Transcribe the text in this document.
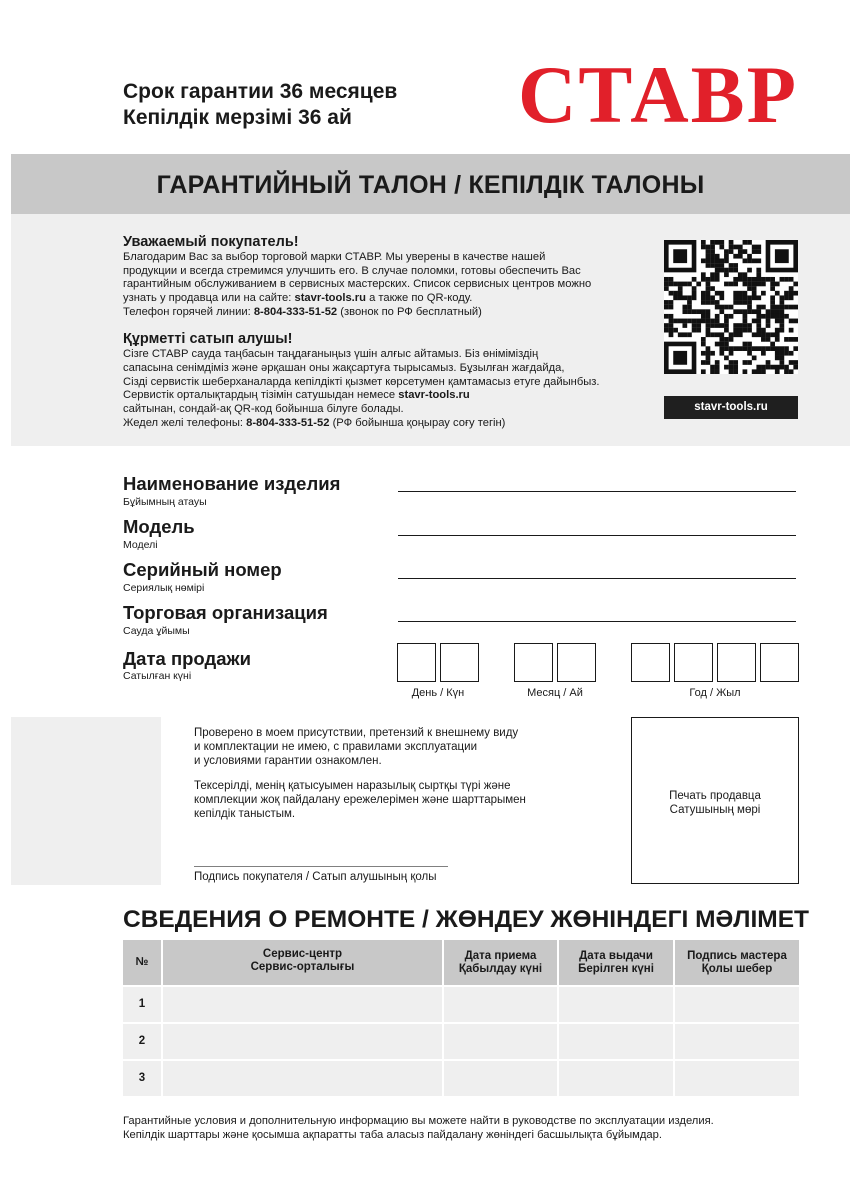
Срок гарантии 36 месяцев
Кепілдік мерзімі 36 ай СТАВР
ГАРАНТИЙНЫЙ ТАЛОН / КЕПІЛДІК ТАЛОНЫ
Уважаемый покупатель!
Благодарим Вас за выбор торговой марки СТАВР. Мы уверены в качестве нашей
продукции и всегда стремимся улучшить его. В случае поломки, готовы обеспечить Вас
гарантийным обслуживанием в сервисных мастерских. Список сервисных центров можно
узнать у продавца или на сайте: stavr-tools.ru а также по QR-коду.
Телефон горячей линии: 8-804-333-51-52 (звонок по РФ бесплатный)
Құрметті сатып алушы!
Сізге СТАВР сауда таңбасын таңдағаныңыз үшін алғыс айтамыз. Біз өнiмiмiздiң
сапасына сенiмдiмiз және әрқашан оны жақсартуға тырысамыз. Бұзылған жағдайда,
Сiздi сервистiк шеберханаларда кепiлдiктi қызмет көрсетумен қамтамасыз етуге дайынбыз.
Сервистiк орталықтардың тiзiмiн сатушыдан немесе stavr-tools.ru
сайтынан, сондай-ақ QR-код бойынша бiлуге болады.
Жедел желi телефоны: 8-804-333-51-52 (РФ бойынша қоңырау соғу тегiн)
stavr-tools.ru
Наименование изделия
Бұйымның атауы
Модель
Моделі
Серийный номер
Сериялық нөмірі
Торговая организация
Сауда ұйымы
Дата продажи
Сатылған күні
День / Күн	Месяц / Ай	Год / Жыл
Проверено в моем присутствии, претензий к внешнему виду
и комплектации не имею, с правилами эксплуатации
и условиями гарантии ознакомлен.
Тексерілді, менің қатысуымен наразылық сыртқы түрі және
комплекции жоқ пайдалану ережелерімен және шарттарымен
кепілдік таныстым.
Подпись покупателя / Сатып алушының қолы
Печать продавца
Сатушының мөрі
СВЕДЕНИЯ О РЕМОНТЕ / ЖӨНДЕУ ЖӨНІНДЕГІ МӘЛІМЕТ
№
Сервис-центр
Сервис-орталығы
Дата приема
Қабылдау күні
Дата выдачи
Берілген күні
Подпись мастера
Қолы шебер
1
2
3
Гарантийные условия и дополнительную информацию вы можете найти в руководстве по эксплуатации изделия.
Кепілдік шарттары және қосымша ақпаратты таба аласыз пайдалану жөніндегі басшылықта бұйымдар.
